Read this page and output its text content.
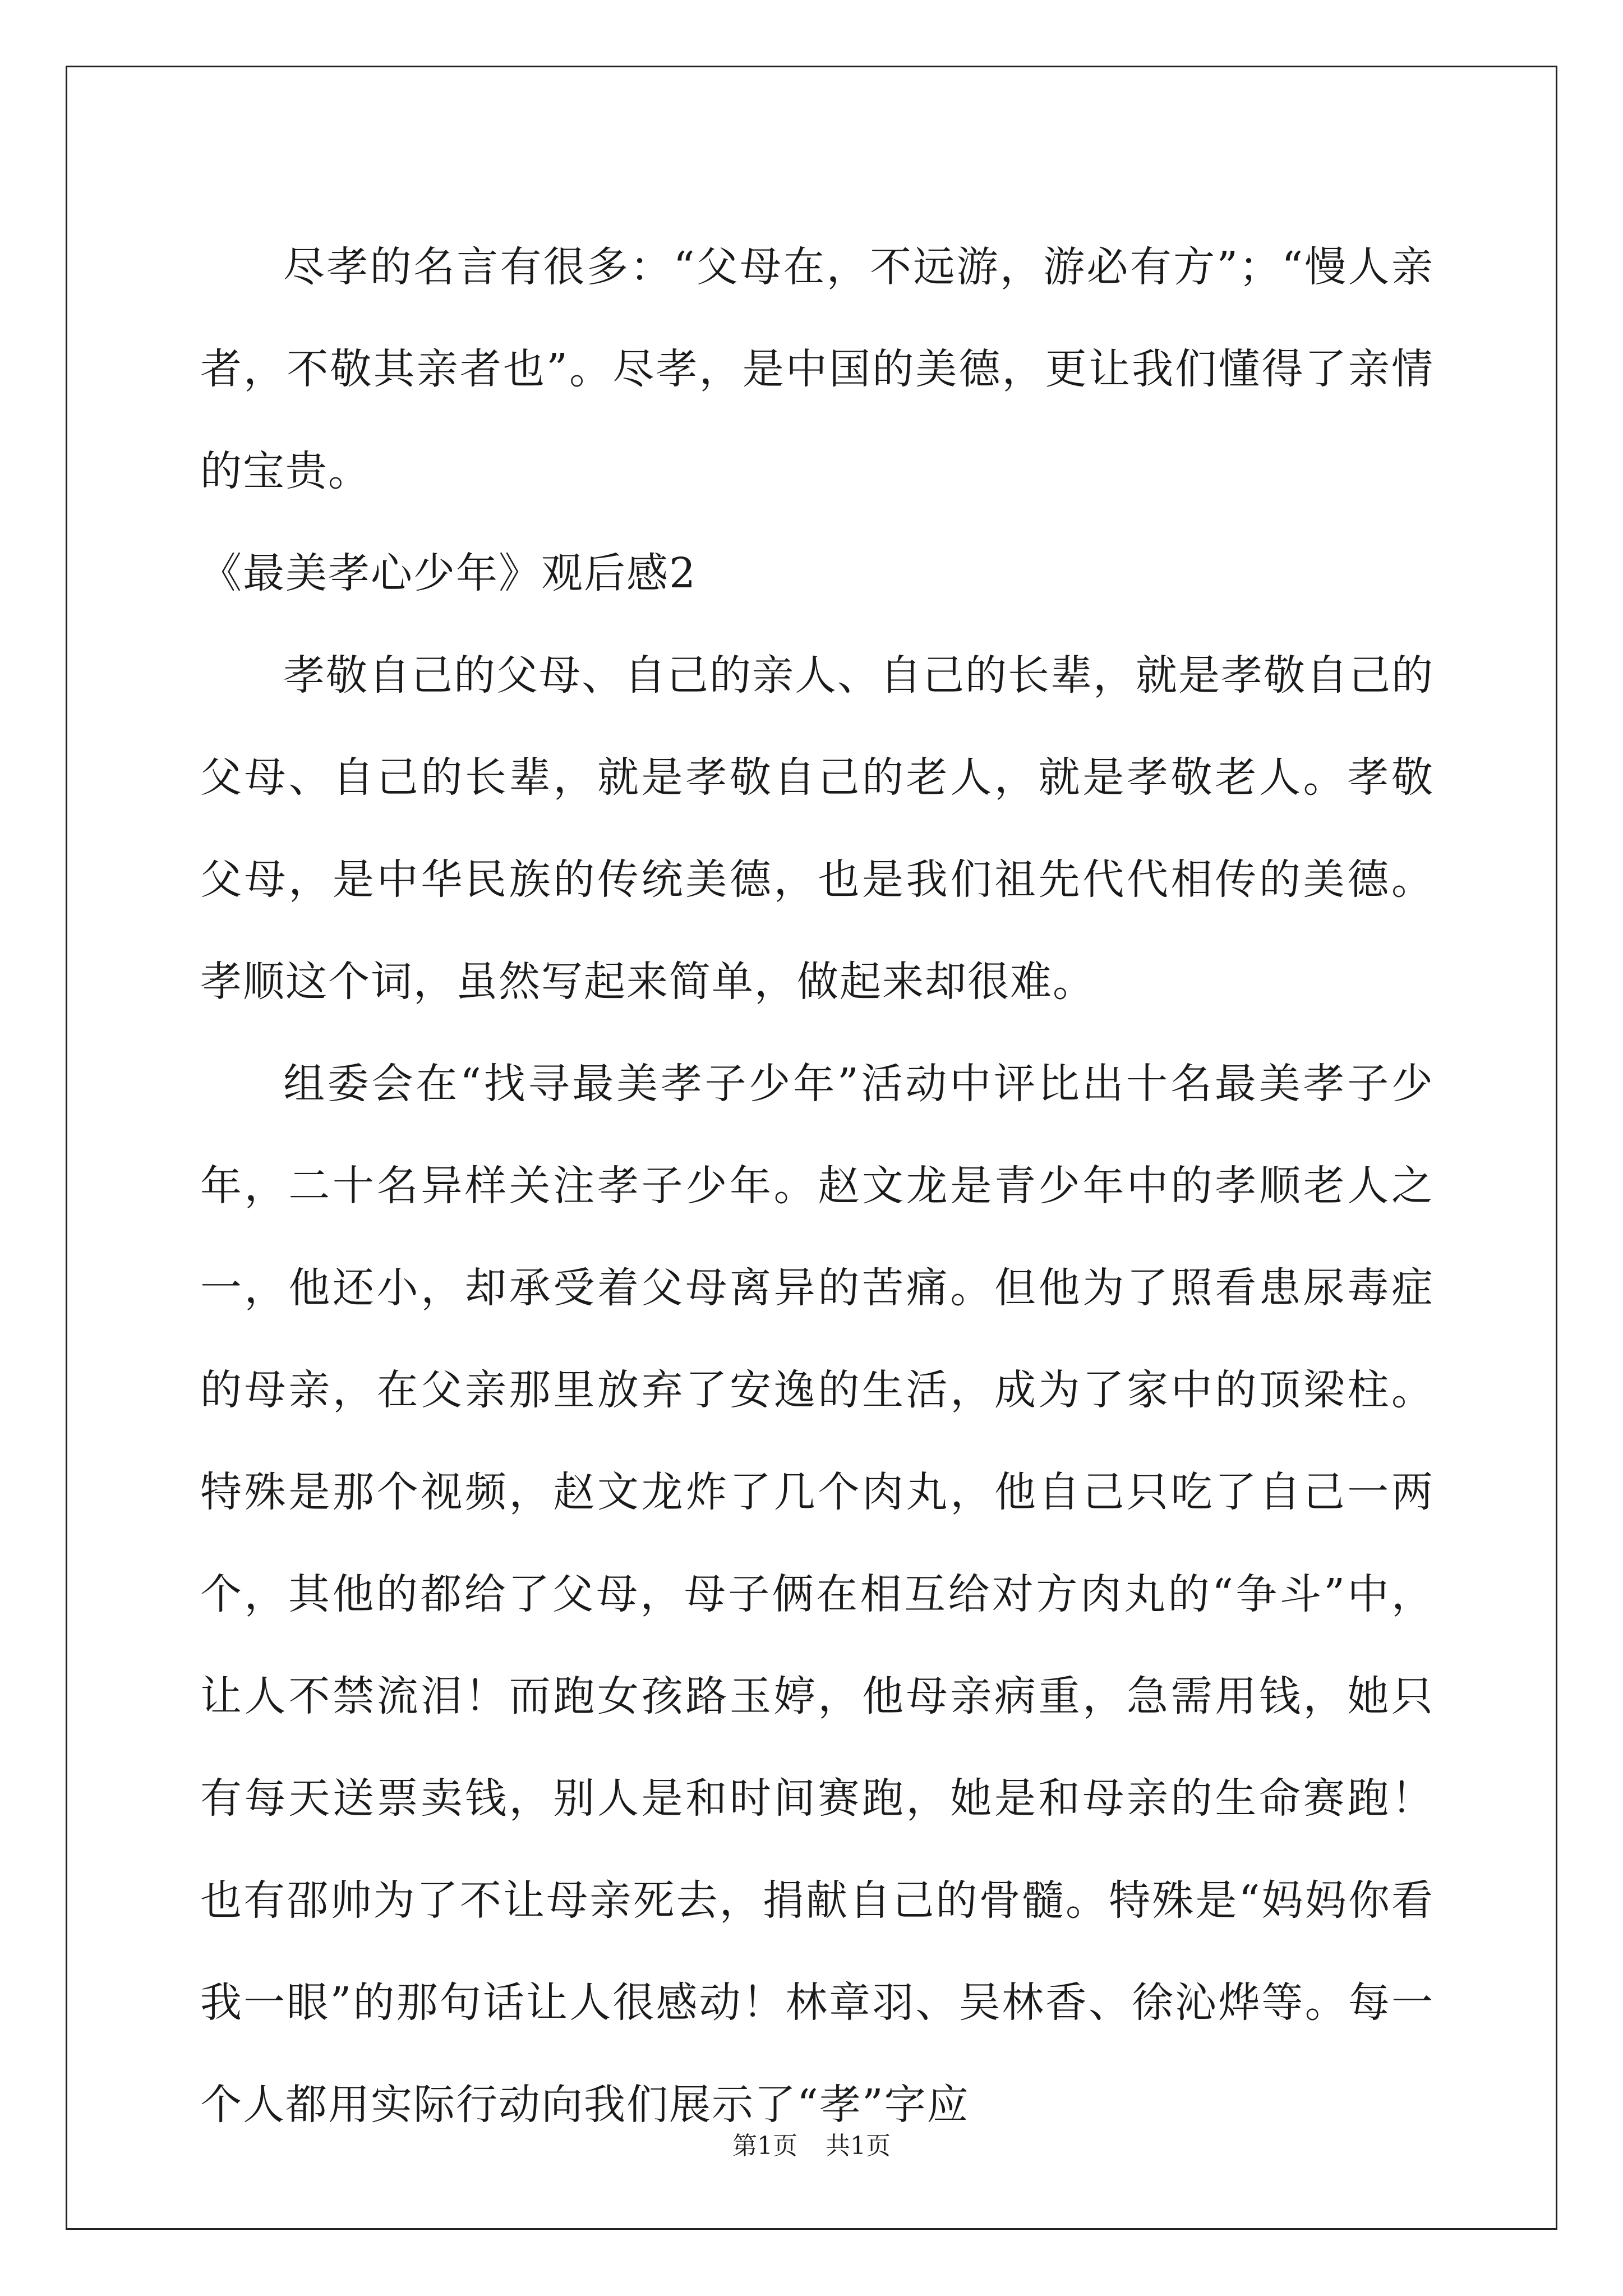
尽孝的名言有很多：“父母在，不远游，游必有方”；“慢人亲者，不敬其亲者也”。尽孝，是中国的美德，更让我们懂得了亲情的宝贵。

《最美孝心少年》观后感2

孝敬自己的父母、自己的亲人、自己的长辈，就是孝敬自己的父母、自己的长辈，就是孝敬自己的老人，就是孝敬老人。孝敬父母，是中华民族的传统美德，也是我们祖先代代相传的美德。孝顺这个词，虽然写起来简单，做起来却很难。

组委会在“找寻最美孝子少年”活动中评比出十名最美孝子少年，二十名异样关注孝子少年。赵文龙是青少年中的孝顺老人之一，他还小，却承受着父母离异的苦痛。但他为了照看患尿毒症的母亲，在父亲那里放弃了安逸的生活，成为了家中的顶梁柱。特殊是那个视频，赵文龙炸了几个肉丸，他自己只吃了自己一两个，其他的都给了父母，母子俩在相互给对方肉丸的“争斗”中，让人不禁流泪！而跑女孩路玉婷，他母亲病重，急需用钱，她只有每天送票卖钱，别人是和时间赛跑，她是和母亲的生命赛跑！也有邵帅为了不让母亲死去，捐献自己的骨髓。特殊是“妈妈你看我一眼”的那句话让人很感动！林章羽、吴林香、徐沁烨等。每一个人都用实际行动向我们展示了“孝”字应

第1页 共1页
